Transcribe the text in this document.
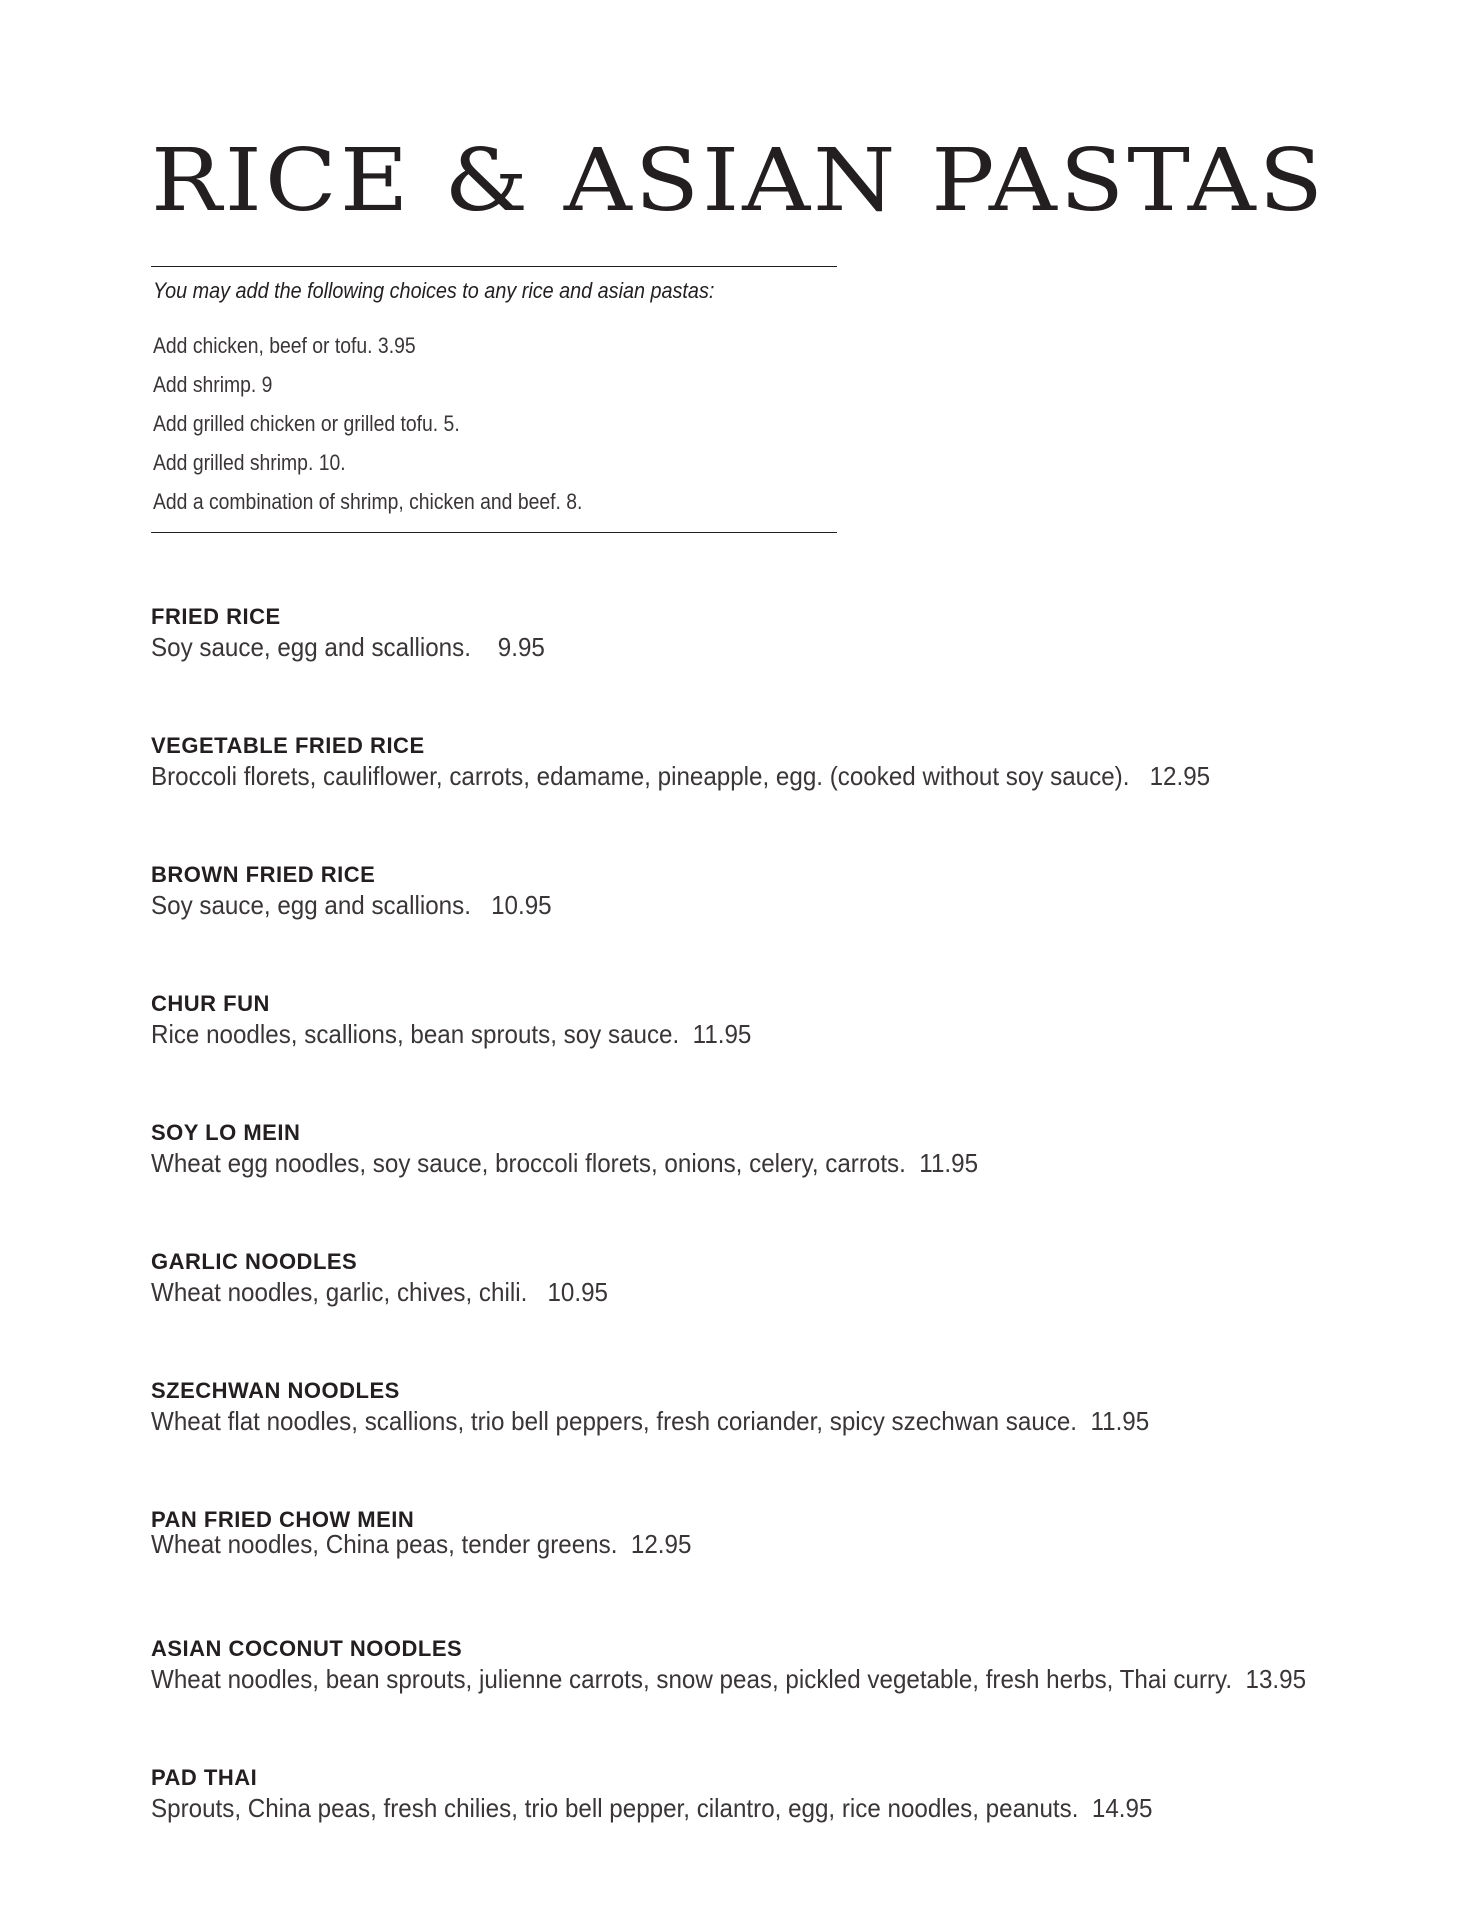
RICE & ASIAN PASTAS
You may add the following choices to any rice and asian pastas:
Add chicken, beef or tofu. 3.95
Add shrimp. 9
Add grilled chicken or grilled tofu. 5.
Add grilled shrimp. 10.
Add a combination of shrimp, chicken and beef. 8.
FRIED RICE
Soy sauce, egg and scallions. 9.95
VEGETABLE FRIED RICE
Broccoli florets, cauliflower, carrots, edamame, pineapple, egg. (cooked without soy sauce). 12.95
BROWN FRIED RICE
Soy sauce, egg and scallions. 10.95
CHUR FUN
Rice noodles, scallions, bean sprouts, soy sauce. 11.95
SOY LO MEIN
Wheat egg noodles, soy sauce, broccoli florets, onions, celery, carrots. 11.95
GARLIC NOODLES
Wheat noodles, garlic, chives, chili. 10.95
SZECHWAN NOODLES
Wheat flat noodles, scallions, trio bell peppers, fresh coriander, spicy szechwan sauce. 11.95
PAN FRIED CHOW MEIN
Wheat noodles, China peas, tender greens. 12.95
ASIAN COCONUT NOODLES
Wheat noodles, bean sprouts, julienne carrots, snow peas, pickled vegetable, fresh herbs, Thai curry. 13.95
PAD THAI
Sprouts, China peas, fresh chilies, trio bell pepper, cilantro, egg, rice noodles, peanuts. 14.95
